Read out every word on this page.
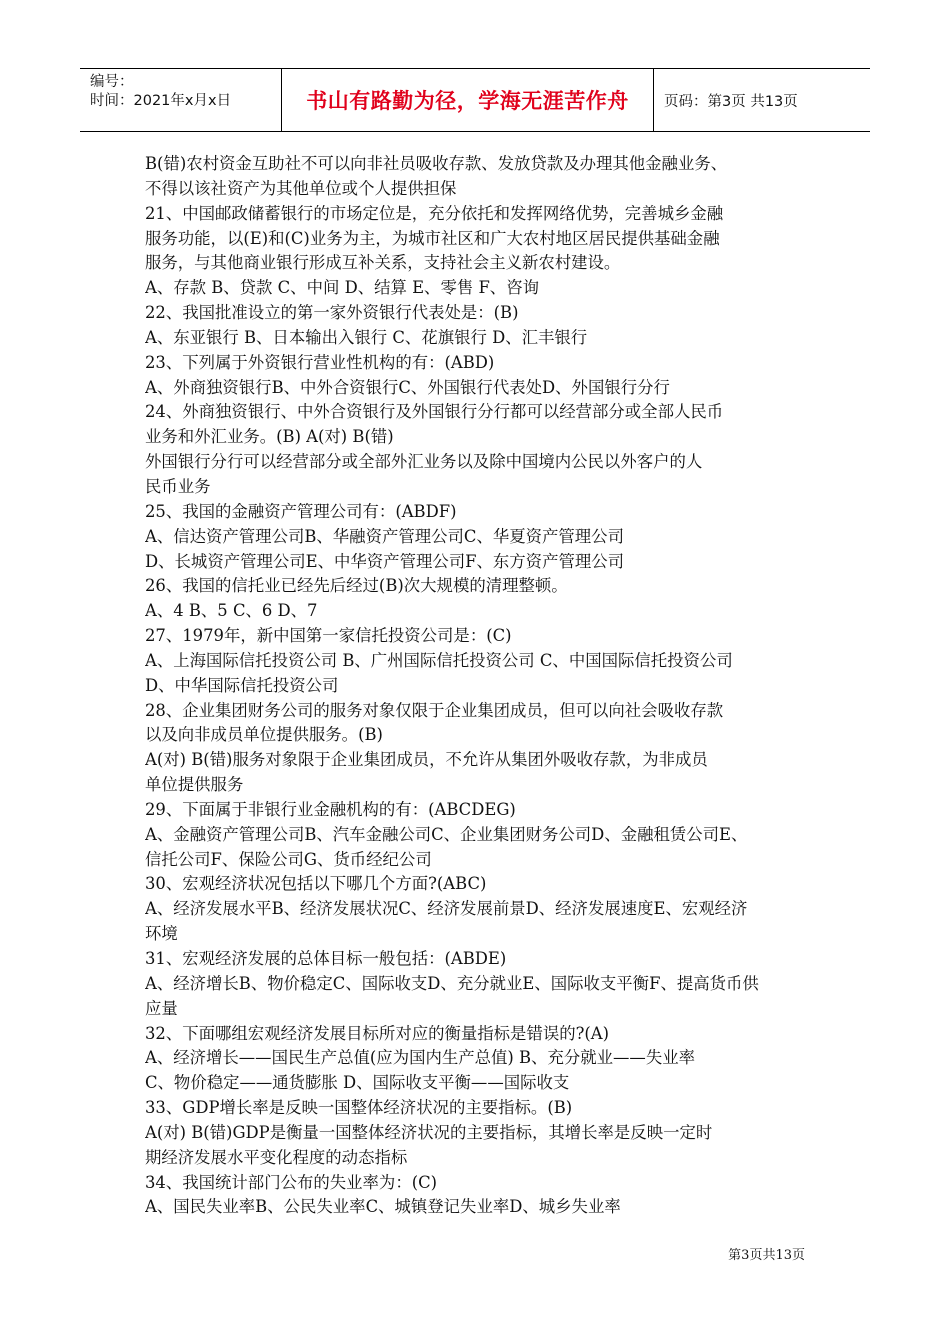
编号：
时间：2021年x月x日	书山有路勤为径，学海无涯苦作舟 页码：第3页 共13页
B(错)农村资金互助社不可以向非社员吸收存款、发放贷款及办理其他金融业务、
不得以该社资产为其他单位或个人提供担保
21、中国邮政储蓄银行的市场定位是，充分依托和发挥网络优势，完善城乡金融
服务功能，以(E)和(C)业务为主，为城市社区和广大农村地区居民提供基础金融
服务，与其他商业银行形成互补关系，支持社会主义新农村建设。
A、存款 B、贷款 C、中间 D、结算 E、零售 F、咨询
22、我国批准设立的第一家外资银行代表处是：(B)
A、东亚银行 B、日本输出入银行 C、花旗银行 D、汇丰银行
23、下列属于外资银行营业性机构的有：(ABD)
A、外商独资银行B、中外合资银行C、外国银行代表处D、外国银行分行
24、外商独资银行、中外合资银行及外国银行分行都可以经营部分或全部人民币
业务和外汇业务。(B) A(对) B(错)
外国银行分行可以经营部分或全部外汇业务以及除中国境内公民以外客户的人
民币业务
25、我国的金融资产管理公司有：(ABDF)
A、信达资产管理公司B、华融资产管理公司C、华夏资产管理公司
D、长城资产管理公司E、中华资产管理公司F、东方资产管理公司
26、我国的信托业已经先后经过(B)次大规模的清理整顿。
A、4 B、5 C、6 D、7
27、1979年，新中国第一家信托投资公司是：(C)
A、上海国际信托投资公司 B、广州国际信托投资公司 C、中国国际信托投资公司
D、中华国际信托投资公司
28、企业集团财务公司的服务对象仅限于企业集团成员，但可以向社会吸收存款
以及向非成员单位提供服务。(B)
A(对) B(错)服务对象限于企业集团成员，不允许从集团外吸收存款，为非成员
单位提供服务
29、下面属于非银行业金融机构的有：(ABCDEG)
A、金融资产管理公司B、汽车金融公司C、企业集团财务公司D、金融租赁公司E、
信托公司F、保险公司G、货币经纪公司
30、宏观经济状况包括以下哪几个方面?(ABC)
A、经济发展水平B、经济发展状况C、经济发展前景D、经济发展速度E、宏观经济
环境
31、宏观经济发展的总体目标一般包括：(ABDE)
A、经济增长B、物价稳定C、国际收支D、充分就业E、国际收支平衡F、提高货币供
应量
32、下面哪组宏观经济发展目标所对应的衡量指标是错误的?(A)
A、经济增长——国民生产总值(应为国内生产总值) B、充分就业——失业率
C、物价稳定——通货膨胀 D、国际收支平衡——国际收支
33、GDP增长率是反映一国整体经济状况的主要指标。(B)
A(对) B(错)GDP是衡量一国整体经济状况的主要指标，其增长率是反映一定时
期经济发展水平变化程度的动态指标
34、我国统计部门公布的失业率为：(C)
A、国民失业率B、公民失业率C、城镇登记失业率D、城乡失业率
第3页共13页
